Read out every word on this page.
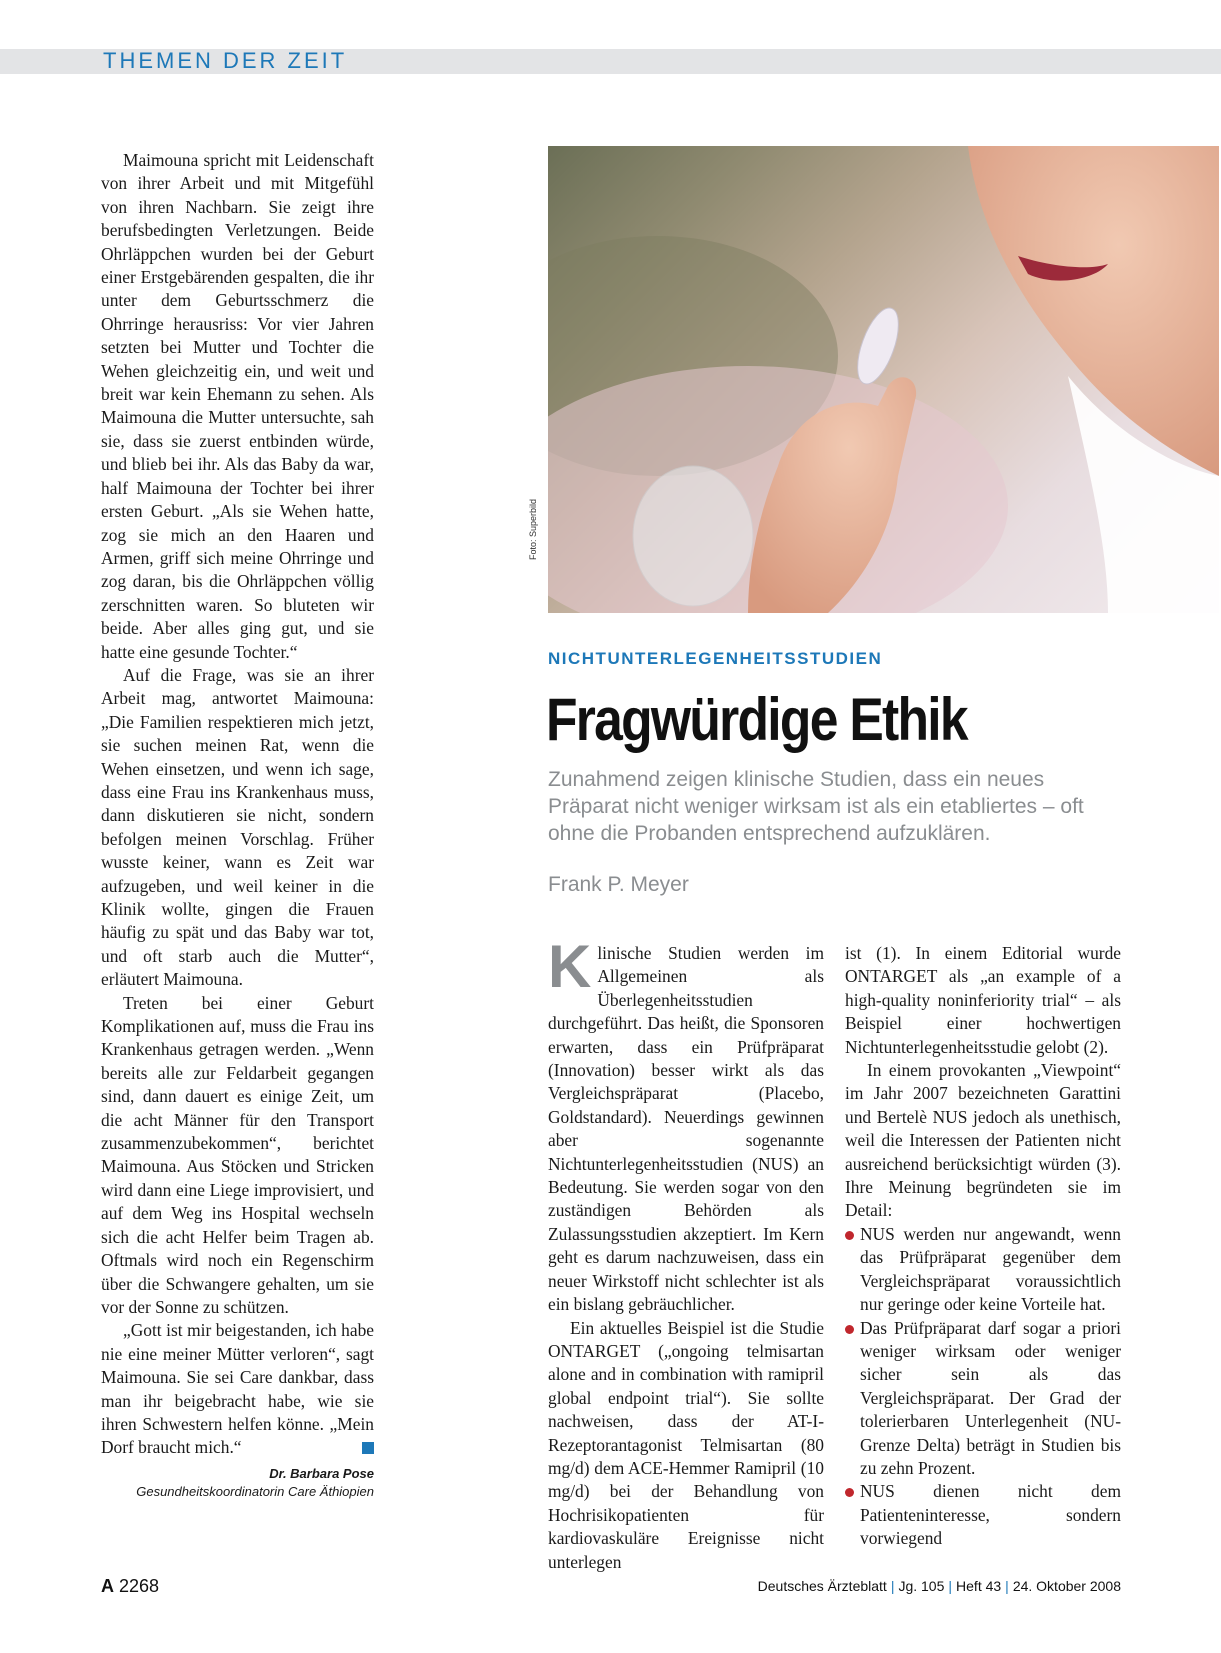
THEMEN DER ZEIT

Maimouna spricht mit Leidenschaft von ihrer Arbeit und mit Mitgefühl von ihren Nachbarn. Sie zeigt ihre berufsbedingten Verletzungen. Beide Ohrläppchen wurden bei der Geburt einer Erstgebärenden gespalten, die ihr unter dem Geburtsschmerz die Ohrringe herausriss: Vor vier Jahren setzten bei Mutter und Tochter die Wehen gleichzeitig ein, und weit und breit war kein Ehemann zu sehen. Als Maimouna die Mutter untersuchte, sah sie, dass sie zuerst entbinden würde, und blieb bei ihr. Als das Baby da war, half Maimouna der Tochter bei ihrer ersten Geburt. „Als sie Wehen hatte, zog sie mich an den Haaren und Armen, griff sich meine Ohrringe und zog daran, bis die Ohrläppchen völlig zerschnitten waren. So bluteten wir beide. Aber alles ging gut, und sie hatte eine gesunde Tochter.“

Auf die Frage, was sie an ihrer Arbeit mag, antwortet Maimouna: „Die Familien respektieren mich jetzt, sie suchen meinen Rat, wenn die Wehen einsetzen, und wenn ich sage, dass eine Frau ins Krankenhaus muss, dann diskutieren sie nicht, sondern befolgen meinen Vorschlag. Früher wusste keiner, wann es Zeit war aufzugeben, und weil keiner in die Klinik wollte, gingen die Frauen häufig zu spät und das Baby war tot, und oft starb auch die Mutter“, erläutert Maimouna.

Treten bei einer Geburt Komplikationen auf, muss die Frau ins Krankenhaus getragen werden. „Wenn bereits alle zur Feldarbeit gegangen sind, dann dauert es einige Zeit, um die acht Männer für den Transport zusammenzubekommen“, berichtet Maimouna. Aus Stöcken und Stricken wird dann eine Liege improvisiert, und auf dem Weg ins Hospital wechseln sich die acht Helfer beim Tragen ab. Oftmals wird noch ein Regenschirm über die Schwangere gehalten, um sie vor der Sonne zu schützen.

„Gott ist mir beigestanden, ich habe nie eine meiner Mütter verloren“, sagt Maimouna. Sie sei Care dankbar, dass man ihr beigebracht habe, wie sie ihren Schwestern helfen könne. „Mein Dorf braucht mich.“

Dr. Barbara Pose
Gesundheitskoordinatorin Care Äthiopien
Foto: Superbild

NICHTUNTERLEGENHEITSSTUDIEN

Fragwürdige Ethik

Zunahmend zeigen klinische Studien, dass ein neues Präparat nicht weniger wirksam ist als ein etabliertes – oft ohne die Probanden entsprechend aufzuklären.

Frank P. Meyer

Klinische Studien werden im Allgemeinen als Überlegenheitsstudien durchgeführt. Das heißt, die Sponsoren erwarten, dass ein Prüfpräparat (Innovation) besser wirkt als das Vergleichspräparat (Placebo, Goldstandard). Neuerdings gewinnen aber sogenannte Nichtunterlegenheitsstudien (NUS) an Bedeutung. Sie werden sogar von den zuständigen Behörden als Zulassungsstudien akzeptiert. Im Kern geht es darum nachzuweisen, dass ein neuer Wirkstoff nicht schlechter ist als ein bislang gebräuchlicher.

Ein aktuelles Beispiel ist die Studie ONTARGET („ongoing telmisartan alone and in combination with ramipril global endpoint trial“). Sie sollte nachweisen, dass der AT-I-Rezeptorantagonist Telmisartan (80 mg/d) dem ACE-Hemmer Ramipril (10 mg/d) bei der Behandlung von Hochrisikopatienten für kardiovaskuläre Ereignisse nicht unterlegen

ist (1). In einem Editorial wurde ONTARGET als „an example of a high-quality noninferiority trial“ – als Beispiel einer hochwertigen Nichtunterlegenheitsstudie gelobt (2).

In einem provokanten „Viewpoint“ im Jahr 2007 bezeichneten Garattini und Bertelè NUS jedoch als unethisch, weil die Interessen der Patienten nicht ausreichend berücksichtigt würden (3). Ihre Meinung begründeten sie im Detail:

NUS werden nur angewandt, wenn das Prüfpräparat gegenüber dem Vergleichspräparat voraussichtlich nur geringe oder keine Vorteile hat.
Das Prüfpräparat darf sogar a priori weniger wirksam oder weniger sicher sein als das Vergleichspräparat. Der Grad der tolerierbaren Unterlegenheit (NU-Grenze Delta) beträgt in Studien bis zu zehn Prozent.
NUS dienen nicht dem Patienteninteresse, sondern vorwiegend

A 2268	Deutsches Ärzteblatt | Jg. 105 | Heft 43 | 24. Oktober 2008
